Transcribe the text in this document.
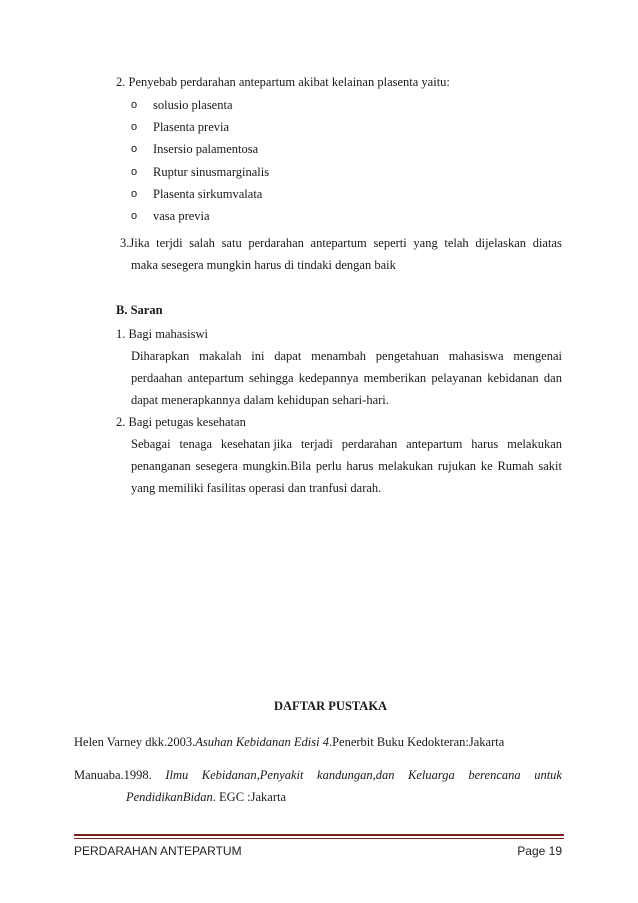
2. Penyebab perdarahan antepartum akibat kelainan plasenta yaitu:
o solusio plasenta
o Plasenta previa
o Insersio palamentosa
o Ruptur sinusmarginalis
o Plasenta sirkumvalata
o vasa previa
3.Jika terjdi salah satu perdarahan antepartum seperti yang telah dijelaskan diatas
maka sesegera mungkin harus di tindaki dengan baik
B. Saran
1. Bagi mahasiswi
Diharapkan makalah ini dapat menambah pengetahuan mahasiswa mengenai
perdaahan antepartum sehingga kedepannya memberikan pelayanan kebidanan dan
dapat menerapkannya dalam kehidupan sehari-hari.
2. Bagi petugas kesehatan
Sebagai tenaga kesehatan jika terjadi perdarahan antepartum harus melakukan
penanganan sesegera mungkin.Bila perlu harus melakukan rujukan ke Rumah sakit
yang memiliki fasilitas operasi dan tranfusi darah.
DAFTAR PUSTAKA
Helen Varney dkk.2003.Asuhan Kebidanan Edisi 4.Penerbit Buku Kedokteran:Jakarta
Manuaba.1998. Ilmu Kebidanan,Penyakit kandungan,dan Keluarga berencana untuk
PendidikanBidan. EGC :Jakarta
PERDARAHAN ANTEPARTUM	Page 19
